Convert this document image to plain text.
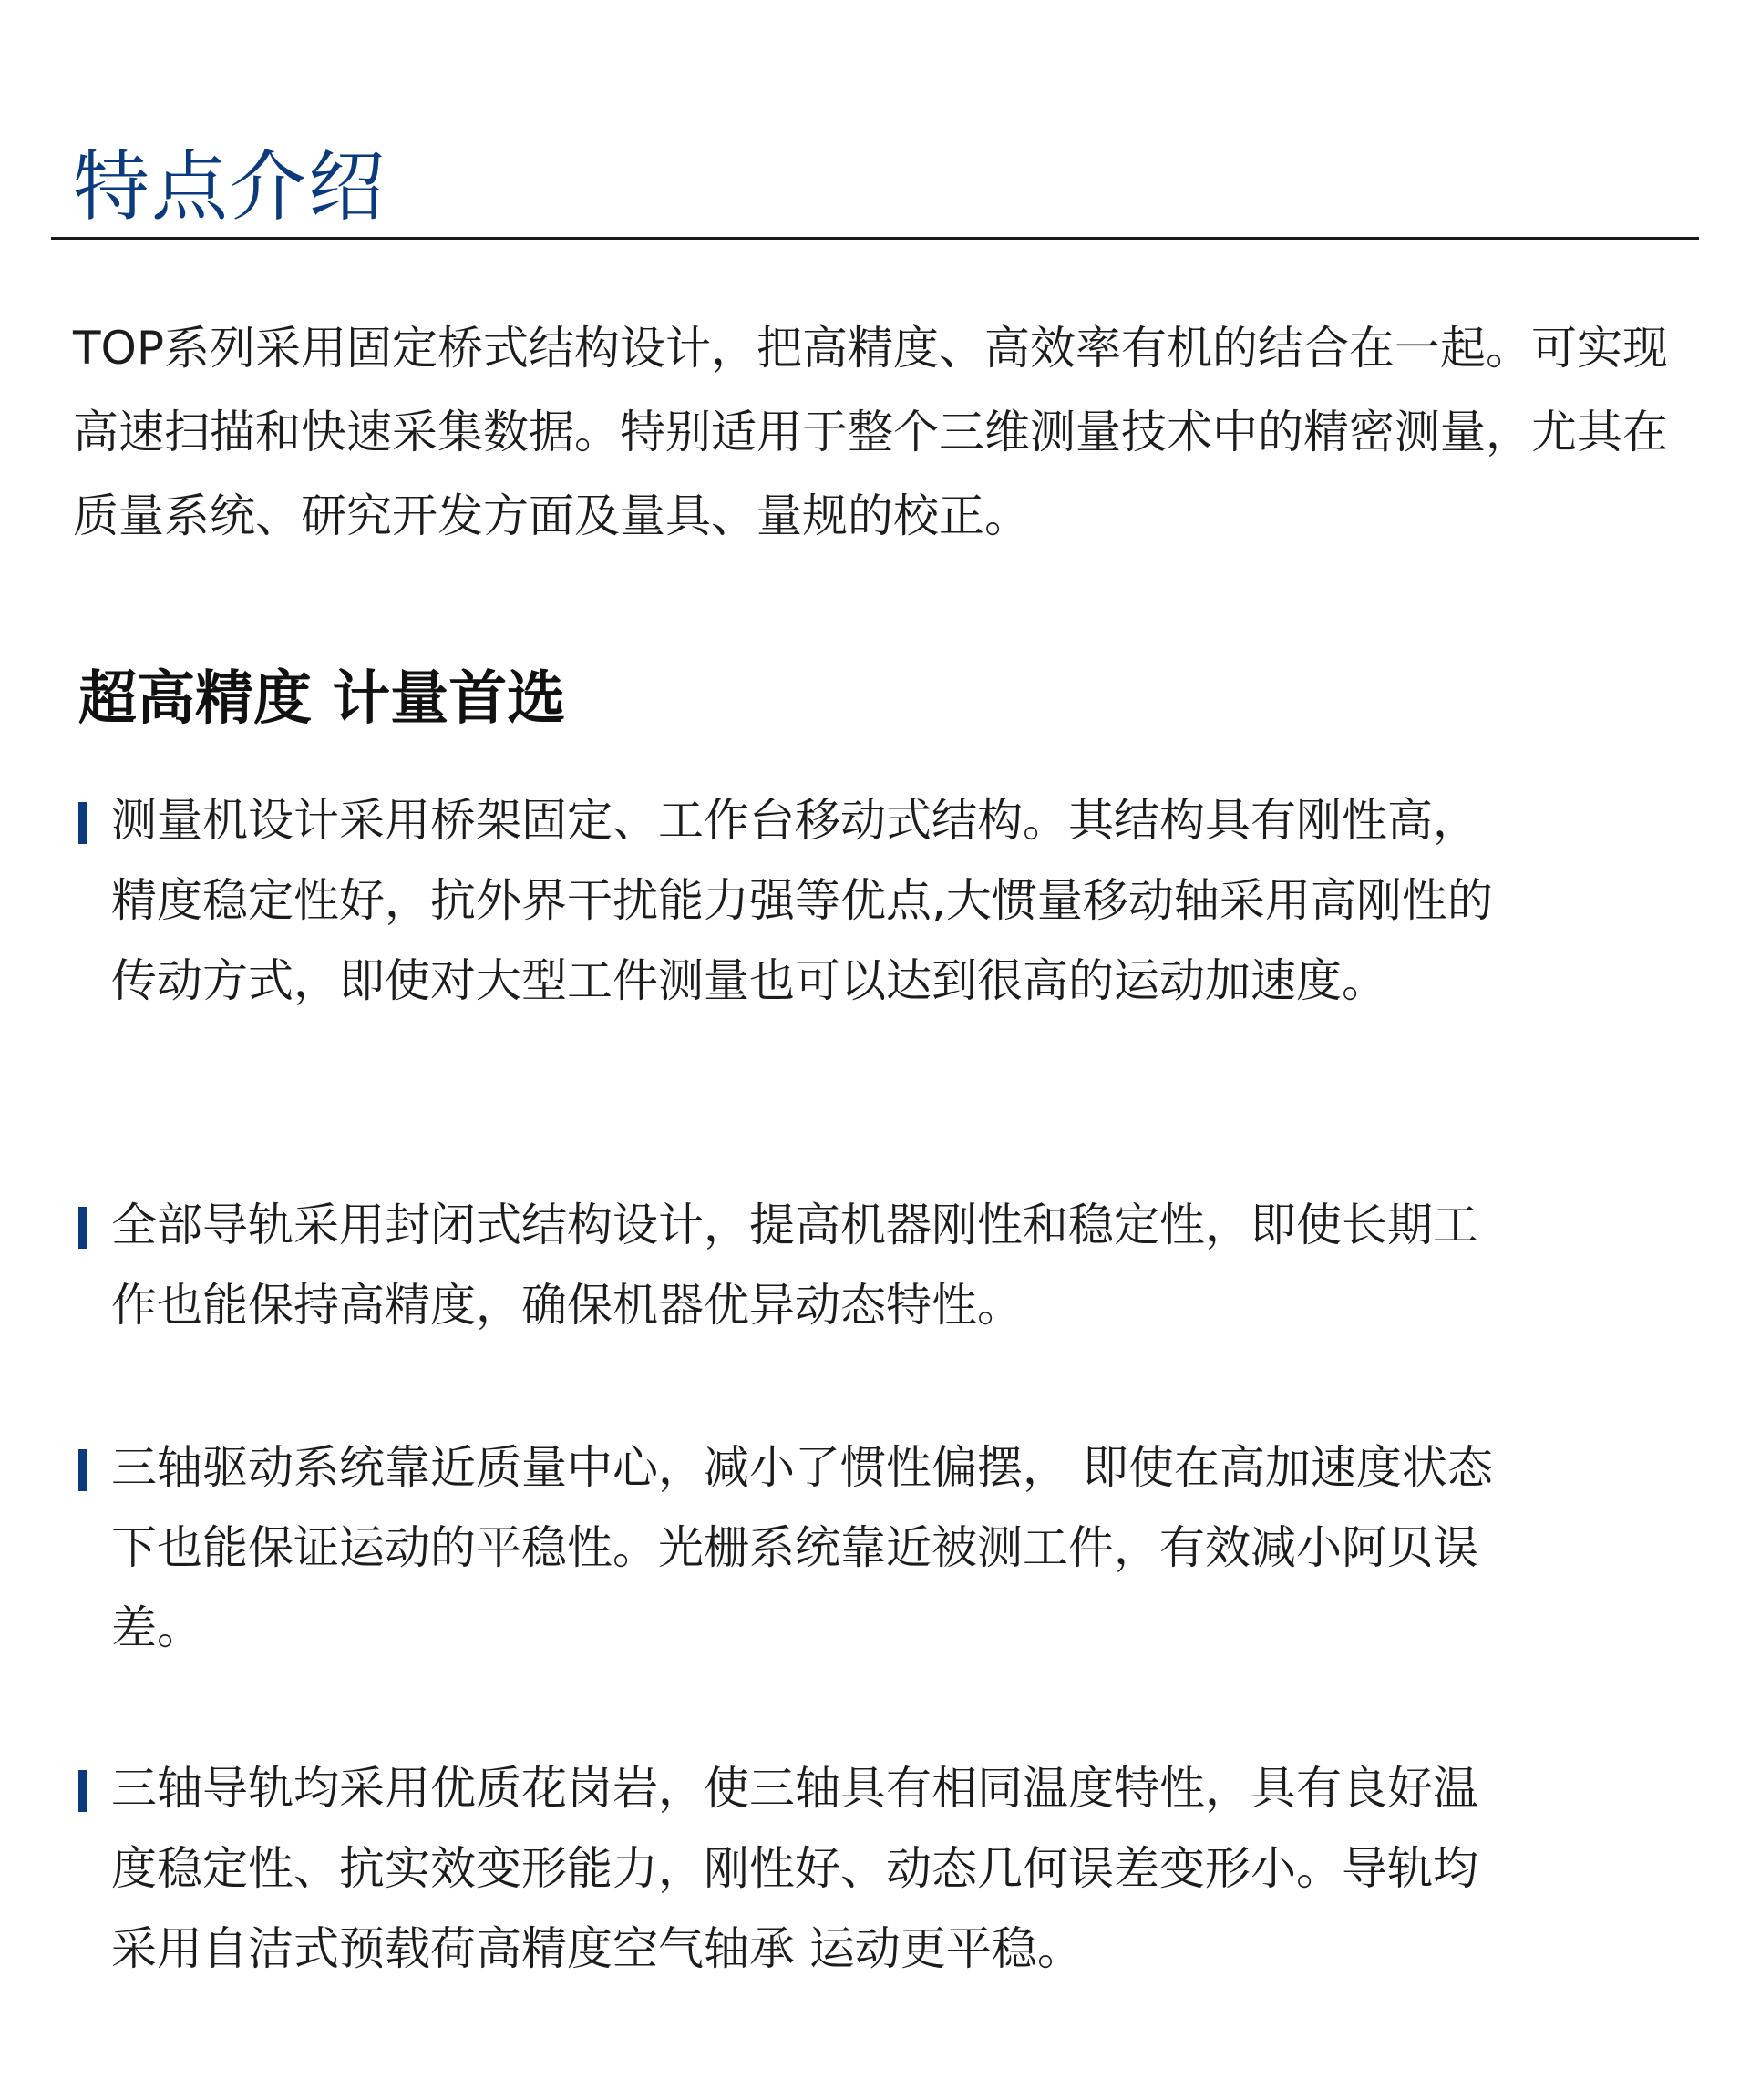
特点介绍

TOP系列采用固定桥式结构设计，把高精度、高效率有机的结合在一起。可实现高速扫描和快速采集数据。特别适用于整个三维测量技术中的精密测量，尤其在质量系统、研究开发方面及量具、量规的校正。

超高精度 计量首选

测量机设计采用桥架固定、工作台移动式结构。其结构具有刚性高，精度稳定性好，抗外界干扰能力强等优点,大惯量移动轴采用高刚性的传动方式，即使对大型工件测量也可以达到很高的运动加速度。

全部导轨采用封闭式结构设计，提高机器刚性和稳定性，即使长期工作也能保持高精度，确保机器优异动态特性。

三轴驱动系统靠近质量中心，减小了惯性偏摆， 即使在高加速度状态下也能保证运动的平稳性。光栅系统靠近被测工件，有效减小阿贝误差。

三轴导轨均采用优质花岗岩，使三轴具有相同温度特性，具有良好温度稳定性、抗实效变形能力，刚性好、动态几何误差变形小。导轨均采用自洁式预载荷高精度空气轴承 运动更平稳。
